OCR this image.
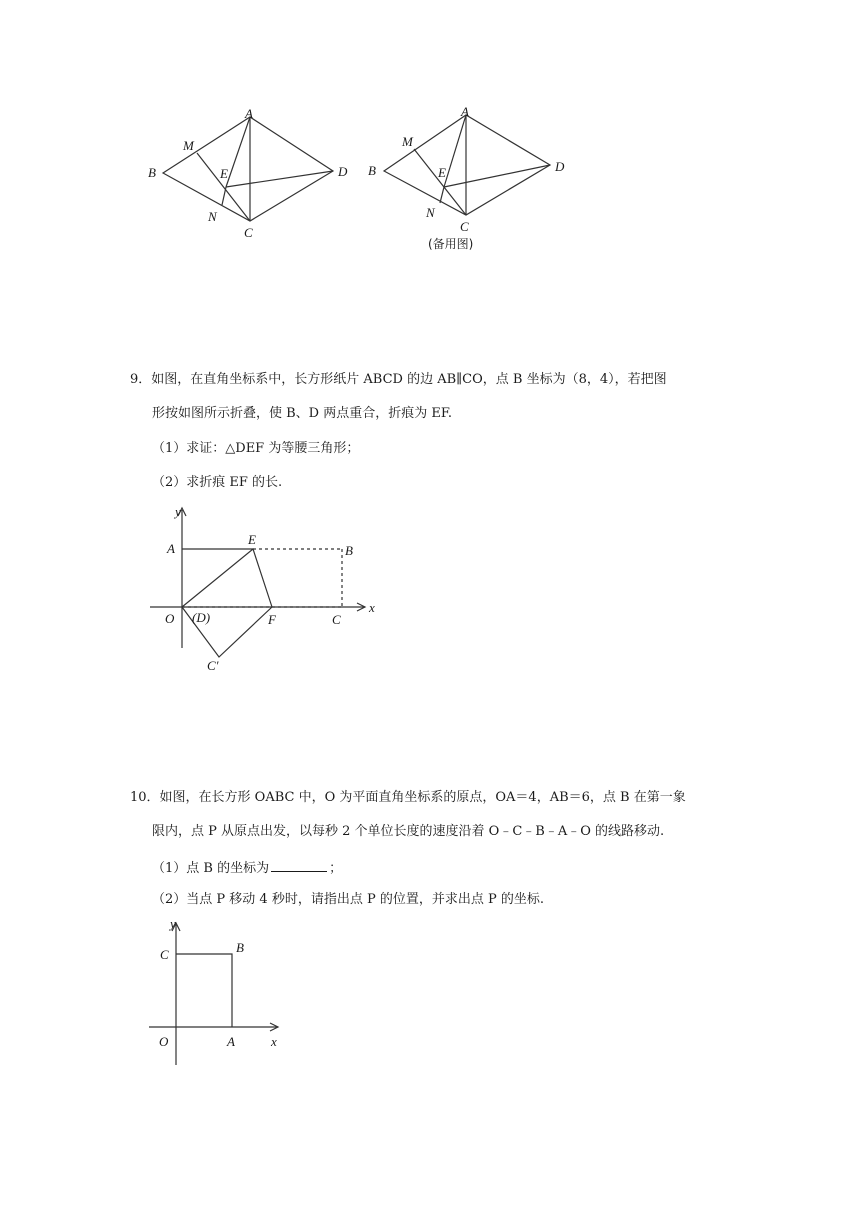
A
B
C
D
E
M
N
A
B
C
D
E
M
N
(备用图)
9．如图，在直角坐标系中，长方形纸片 ABCD 的边 AB∥CO，点 B 坐标为（8，4），若把图
形按如图所示折叠，使 B、D 两点重合，折痕为 EF.
（1）求证：△DEF 为等腰三角形；
（2）求折痕 EF 的长.
y
x
A
E
B
O (D)	F	C
C′
10．如图，在长方形 OABC 中，O 为平面直角坐标系的原点，OA＝4，AB＝6，点 B 在第一象
限内，点 P 从原点出发，以每秒 2 个单位长度的速度沿着 O﹣C﹣B﹣A﹣O 的线路移动.
（1）点 B 的坐标为	；
（2）当点 P 移动 4 秒时，请指出点 P 的位置，并求出点 P 的坐标.
y
x
C	B
O	A
